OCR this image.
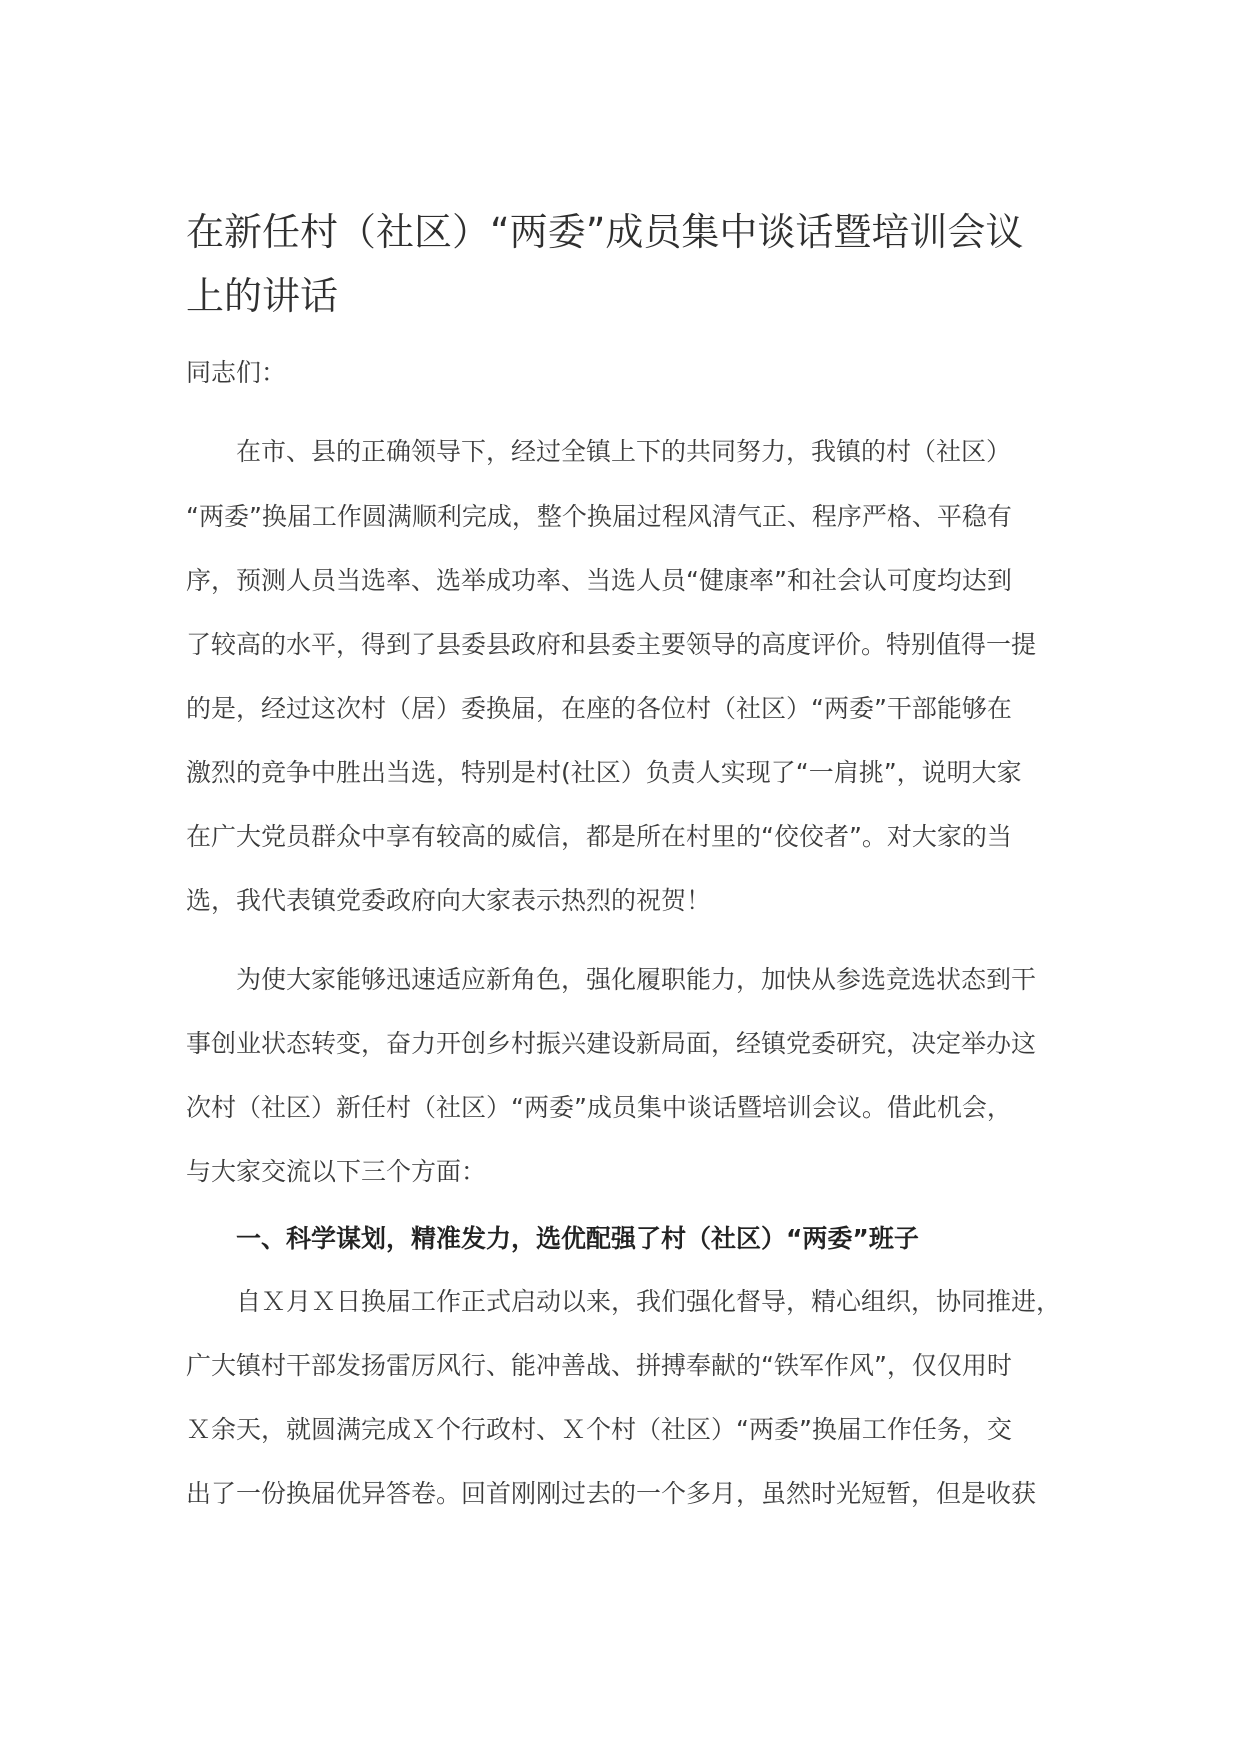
在新任村（社区）“两委”成员集中谈话暨培训会议
上的讲话

同志们：

在市、县的正确领导下，经过全镇上下的共同努力，我镇的村（社区）

“两委”换届工作圆满顺利完成，整个换届过程风清气正、程序严格、平稳有

序，预测人员当选率、选举成功率、当选人员“健康率”和社会认可度均达到

了较高的水平，得到了县委县政府和县委主要领导的高度评价。特别值得一提

的是，经过这次村（居）委换届，在座的各位村（社区）“两委”干部能够在

激烈的竞争中胜出当选，特别是村(社区）负责人实现了“一肩挑”，说明大家

在广大党员群众中享有较高的威信，都是所在村里的“佼佼者”。对大家的当

选，我代表镇党委政府向大家表示热烈的祝贺！

为使大家能够迅速适应新角色，强化履职能力，加快从参选竞选状态到干

事创业状态转变，奋力开创乡村振兴建设新局面，经镇党委研究，决定举办这

次村（社区）新任村（社区）“两委”成员集中谈话暨培训会议。借此机会，

与大家交流以下三个方面：

一、科学谋划，精准发力，选优配强了村（社区）“两委”班子

自Ｘ月Ｘ日换届工作正式启动以来，我们强化督导，精心组织，协同推进，

广大镇村干部发扬雷厉风行、能冲善战、拼搏奉献的“铁军作风”，仅仅用时

Ｘ余天，就圆满完成Ｘ个行政村、Ｘ个村（社区）“两委”换届工作任务，交

出了一份换届优异答卷。回首刚刚过去的一个多月，虽然时光短暂，但是收获
